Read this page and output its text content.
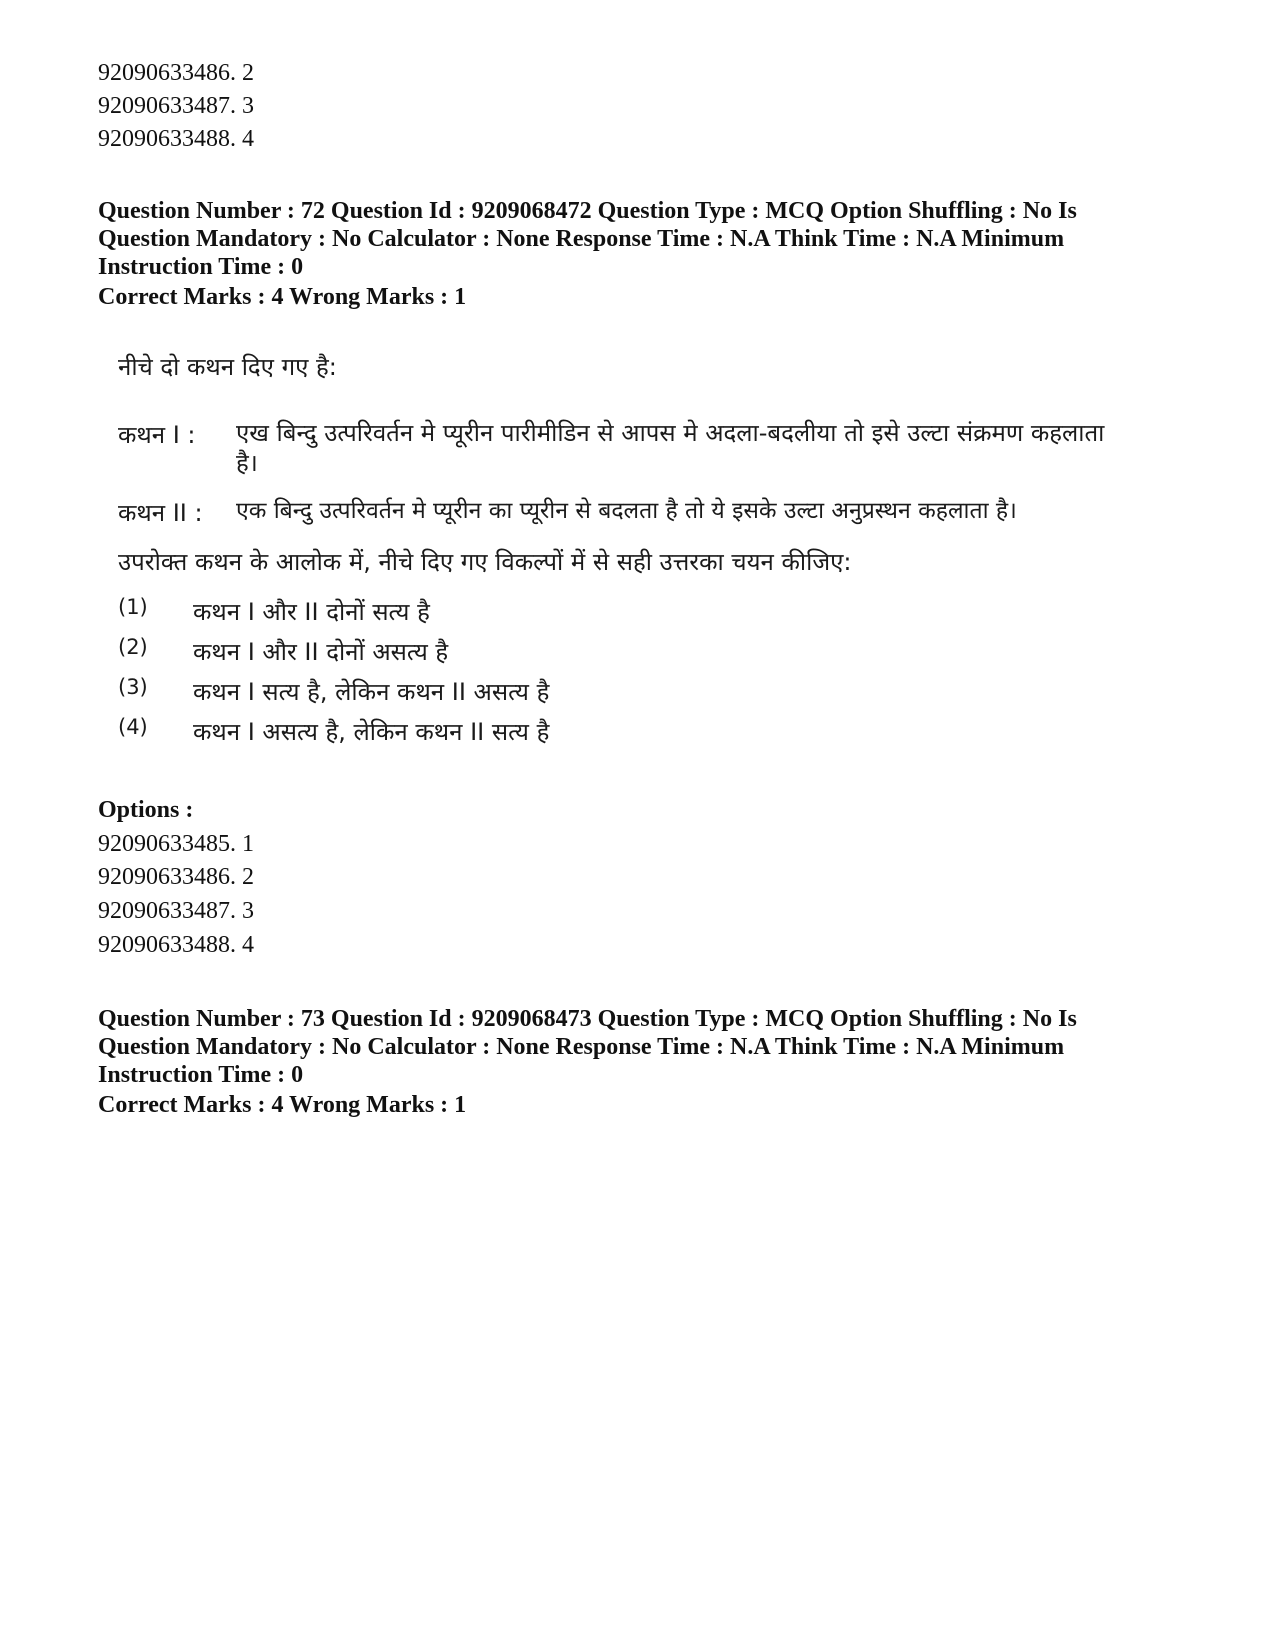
92090633486. 2
92090633487. 3
92090633488. 4
Question Number : 72 Question Id : 9209068472 Question Type : MCQ Option Shuffling : No Is
Question Mandatory : No Calculator : None Response Time : N.A Think Time : N.A Minimum
Instruction Time : 0
Correct Marks : 4 Wrong Marks : 1
नीचे दो कथन दिए गए है:
कथन I : एख बिन्दु उत्परिवर्तन मे प्यूरीन पारीमीडिन से आपस मे अदला-बदलीया तो इसे उल्टा संक्रमण कहलाता है।
कथन II : एक बिन्दु उत्परिवर्तन मे प्यूरीन का प्यूरीन से बदलता है तो ये इसके उल्टा अनुप्रस्थन कहलाता है।
उपरोक्त कथन के आलोक में, नीचे दिए गए विकल्पों में से सही उत्तरका चयन कीजिए:
(1) कथन I और II दोनों सत्य है
(2) कथन I और II दोनों असत्य है
(3) कथन I सत्य है, लेकिन कथन II असत्य है
(4) कथन I असत्य है, लेकिन कथन II सत्य है
Options :
92090633485. 1
92090633486. 2
92090633487. 3
92090633488. 4
Question Number : 73 Question Id : 9209068473 Question Type : MCQ Option Shuffling : No Is
Question Mandatory : No Calculator : None Response Time : N.A Think Time : N.A Minimum
Instruction Time : 0
Correct Marks : 4 Wrong Marks : 1
